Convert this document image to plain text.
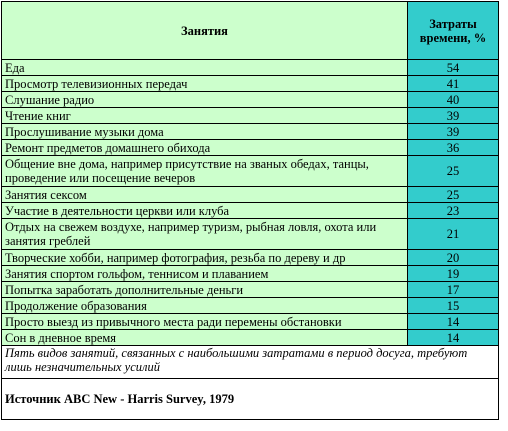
Занятия	Затраты времени, %
Еда	54
Просмотр телевизионных передач	41
Слушание радио	40
Чтение книг	39
Прослушивание музыки дома	39
Ремонт предметов домашнего обихода	36
Общение вне дома, например присутствие на званых обедах, танцы, проведение или посещение вечеров	25
Занятия сексом	25
Участие в деятельности церкви или клуба	23
Отдых на свежем воздухе, например туризм, рыбная ловля, охота или занятия греблей	21
Творческие хобби, например фотография, резьба по дереву и др	20
Занятия спортом гольфом, теннисом и плаванием	19
Попытка заработать дополнительные деньги	17
Продолжение образования	15
Просто выезд из привычного места ради перемены обстановки	14
Сон в дневное время	14
Пять видов занятий, связанных с наибольшими затратами в период досуга, требуют лишь незначительных усилий	
Источник ABC New - Harris Survey, 1979	
